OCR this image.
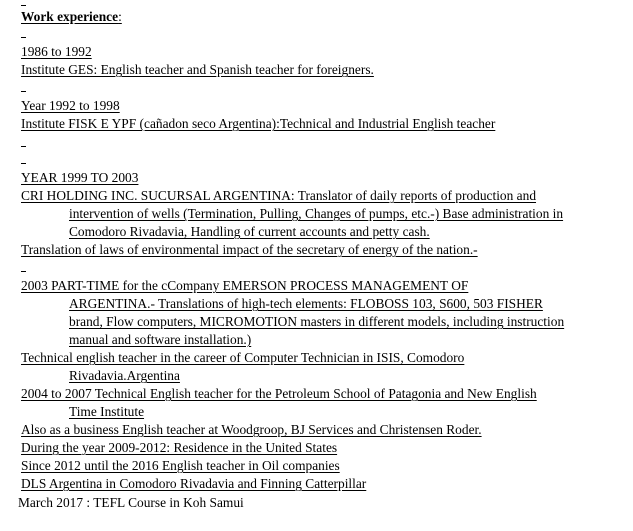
Work experience:
1986 to 1992
Institute GES: English teacher and Spanish teacher for foreigners.
Year 1992 to 1998
Institute FISK E YPF (cañadon seco Argentina):Technical and Industrial English teacher
YEAR 1999 TO 2003
CRI HOLDING INC. SUCURSAL ARGENTINA: Translator of daily reports of production and
intervention of wells (Termination, Pulling, Changes of pumps, etc.-) Base administration in
Comodoro Rivadavia, Handling of current accounts and petty cash.
Translation of laws of environmental impact of the secretary of energy of the nation.-
2003 PART-TIME for the cCompany EMERSON PROCESS MANAGEMENT OF
ARGENTINA.- Translations of high-tech elements: FLOBOSS 103, S600, 503 FISHER
brand, Flow computers, MICROMOTION masters in different models, including instruction
manual and software installation.)
Technical english teacher in the career of Computer Technician in ISIS, Comodoro
Rivadavia.Argentina
2004 to 2007 Technical English teacher for the Petroleum School of Patagonia and New English
Time Institute
Also as a business English teacher at Woodgroop, BJ Services and Christensen Roder.
During the year 2009-2012: Residence in the United States
Since 2012 until the 2016 English teacher in Oil companies
DLS Argentina in Comodoro Rivadavia and Finning Catterpillar
March 2017 : TEFL Course in Koh Samui
